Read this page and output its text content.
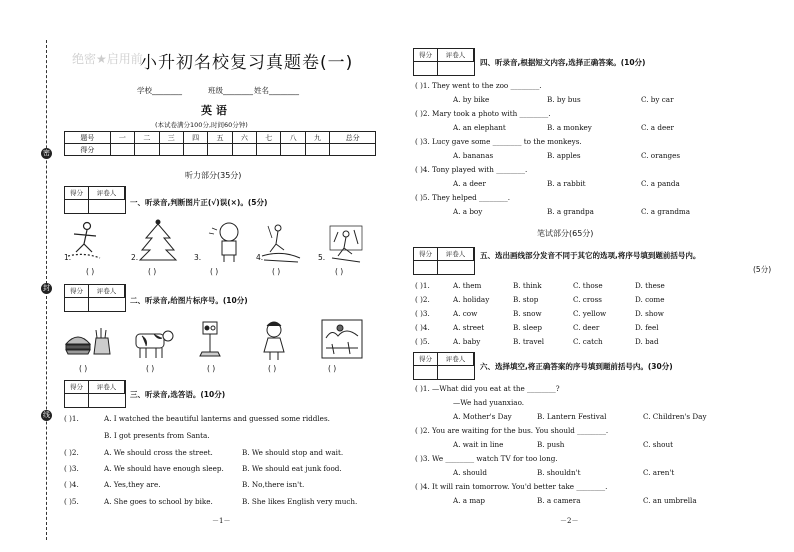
密
封
线
绝密★启用前
小升初名校复习真题卷(一)
学校________	班级________ 姓名________
英 语
(本试卷满分100分,时间60分钟)
题号	一	二	三	四	五	六	七	八	九	总分
得分										
听力部分(35分)
得分	评卷人
一、听录音,判断图片正(√)误(×)。(5分)
1.	2.	3.	4.	5.
( )	( )	( )	( )	( )
得分	评卷人
二、听录音,给图片标序号。(10分)
( )	( )	( )	( )	( )
得分	评卷人
三、听录音,选答语。(10分)
( )1.	A. I watched the beautiful lanterns and guessed some riddles.
B. I got presents from Santa.
( )2.	A. We should cross the street.	B. We should stop and wait.
( )3.	A. We should have enough sleep.	B. We should eat junk food.
( )4.	A. Yes,they are.	B. No,there isn't.
( )5.	A. She goes to school by bike.	B. She likes English very much.
－1－
得分	评卷人
四、听录音,根据短文内容,选择正确答案。(10分)
( )1. They went to the zoo ________.
A. by bike	B. by bus	C. by car
( )2. Mary took a photo with ________.
A. an elephant	B. a monkey	C. a deer
( )3. Lucy gave some ________ to the monkeys.
A. bananas	B. apples	C. oranges
( )4. Tony played with ________.
A. a deer	B. a rabbit	C. a panda
( )5. They helped ________.
A. a boy	B. a grandpa	C. a grandma
笔试部分(65分)
得分	评卷人	五、选出画线部分发音不同于其它的选项,将序号填到题前括号内。
(5分)
( )1.	A. them	B. think	C. those	D. these
( )2.	A. holiday	B. stop	C. cross	D. come
( )3.	A. cow	B. snow	C. yellow	D. show
( )4.	A. street	B. sleep	C. deer	D. feel
( )5.	A. baby	B. travel	C. catch	D. bad
得分	评卷人
六、选择填空,将正确答案的序号填到题前括号内。(30分)
( )1. —What did you eat at the ________?
—We had yuanxiao.
A. Mother's Day	B. Lantern Festival	C. Children's Day
( )2. You are waiting for the bus. You should ________.
A. wait in line	B. push	C. shout
( )3. We ________ watch TV for too long.
A. should	B. shouldn't	C. aren't
( )4. It will rain tomorrow. You'd better take ________.
A. a map	B. a camera	C. an umbrella
－2－
